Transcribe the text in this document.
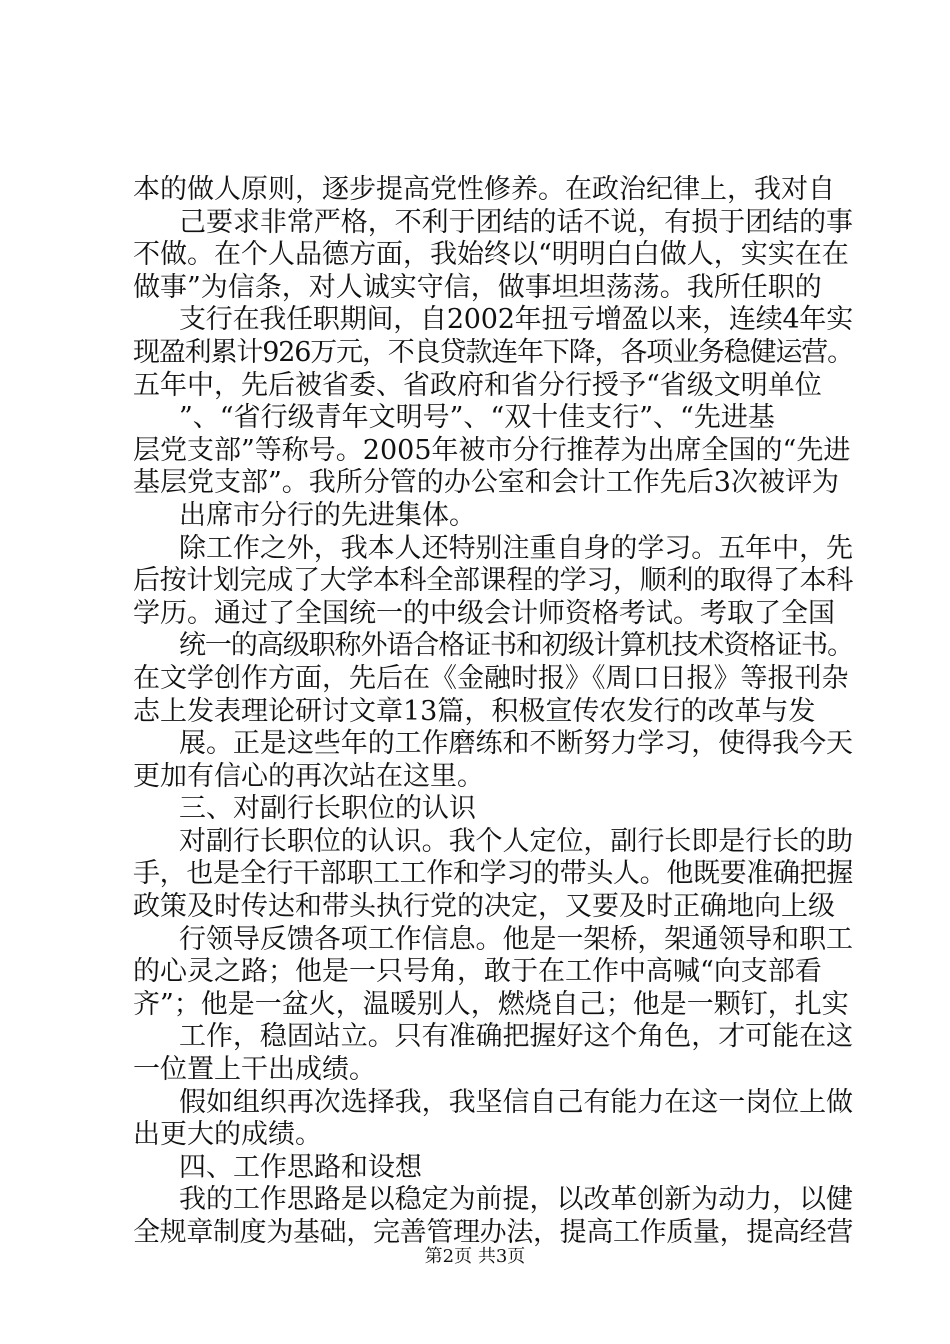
本的做人原则，逐步提高党性修养。在政治纪律上，我对自
己要求非常严格，不利于团结的话不说，有损于团结的事
不做。在个人品德方面，我始终以“明明白白做人，实实在在
做事”为信条，对人诚实守信，做事坦坦荡荡。我所任职的
支行在我任职期间，自2002年扭亏增盈以来，连续4年实
现盈利累计926万元，不良贷款连年下降，各项业务稳健运营。
五年中，先后被省委、省政府和省分行授予“省级文明单位
”、“省行级青年文明号”、“双十佳支行”、“先进基
层党支部”等称号。2005年被市分行推荐为出席全国的“先进
基层党支部”。我所分管的办公室和会计工作先后3次被评为
出席市分行的先进集体。
除工作之外，我本人还特别注重自身的学习。五年中，先
后按计划完成了大学本科全部课程的学习，顺利的取得了本科
学历。通过了全国统一的中级会计师资格考试。考取了全国
统一的高级职称外语合格证书和初级计算机技术资格证书。
在文学创作方面，先后在《金融时报》《周口日报》等报刊杂
志上发表理论研讨文章13篇，积极宣传农发行的改革与发
展。正是这些年的工作磨练和不断努力学习，使得我今天
更加有信心的再次站在这里。
三、对副行长职位的认识
对副行长职位的认识。我个人定位，副行长即是行长的助
手，也是全行干部职工工作和学习的带头人。他既要准确把握
政策及时传达和带头执行党的决定，又要及时正确地向上级
行领导反馈各项工作信息。他是一架桥，架通领导和职工
的心灵之路；他是一只号角，敢于在工作中高喊“向支部看
齐”；他是一盆火，温暖别人，燃烧自己；他是一颗钉，扎实
工作，稳固站立。只有准确把握好这个角色，才可能在这
一位置上干出成绩。
假如组织再次选择我，我坚信自己有能力在这一岗位上做
出更大的成绩。
四、工作思路和设想
我的工作思路是以稳定为前提，以改革创新为动力，以健
全规章制度为基础，完善管理办法，提高工作质量，提高经营
第2页 共3页
